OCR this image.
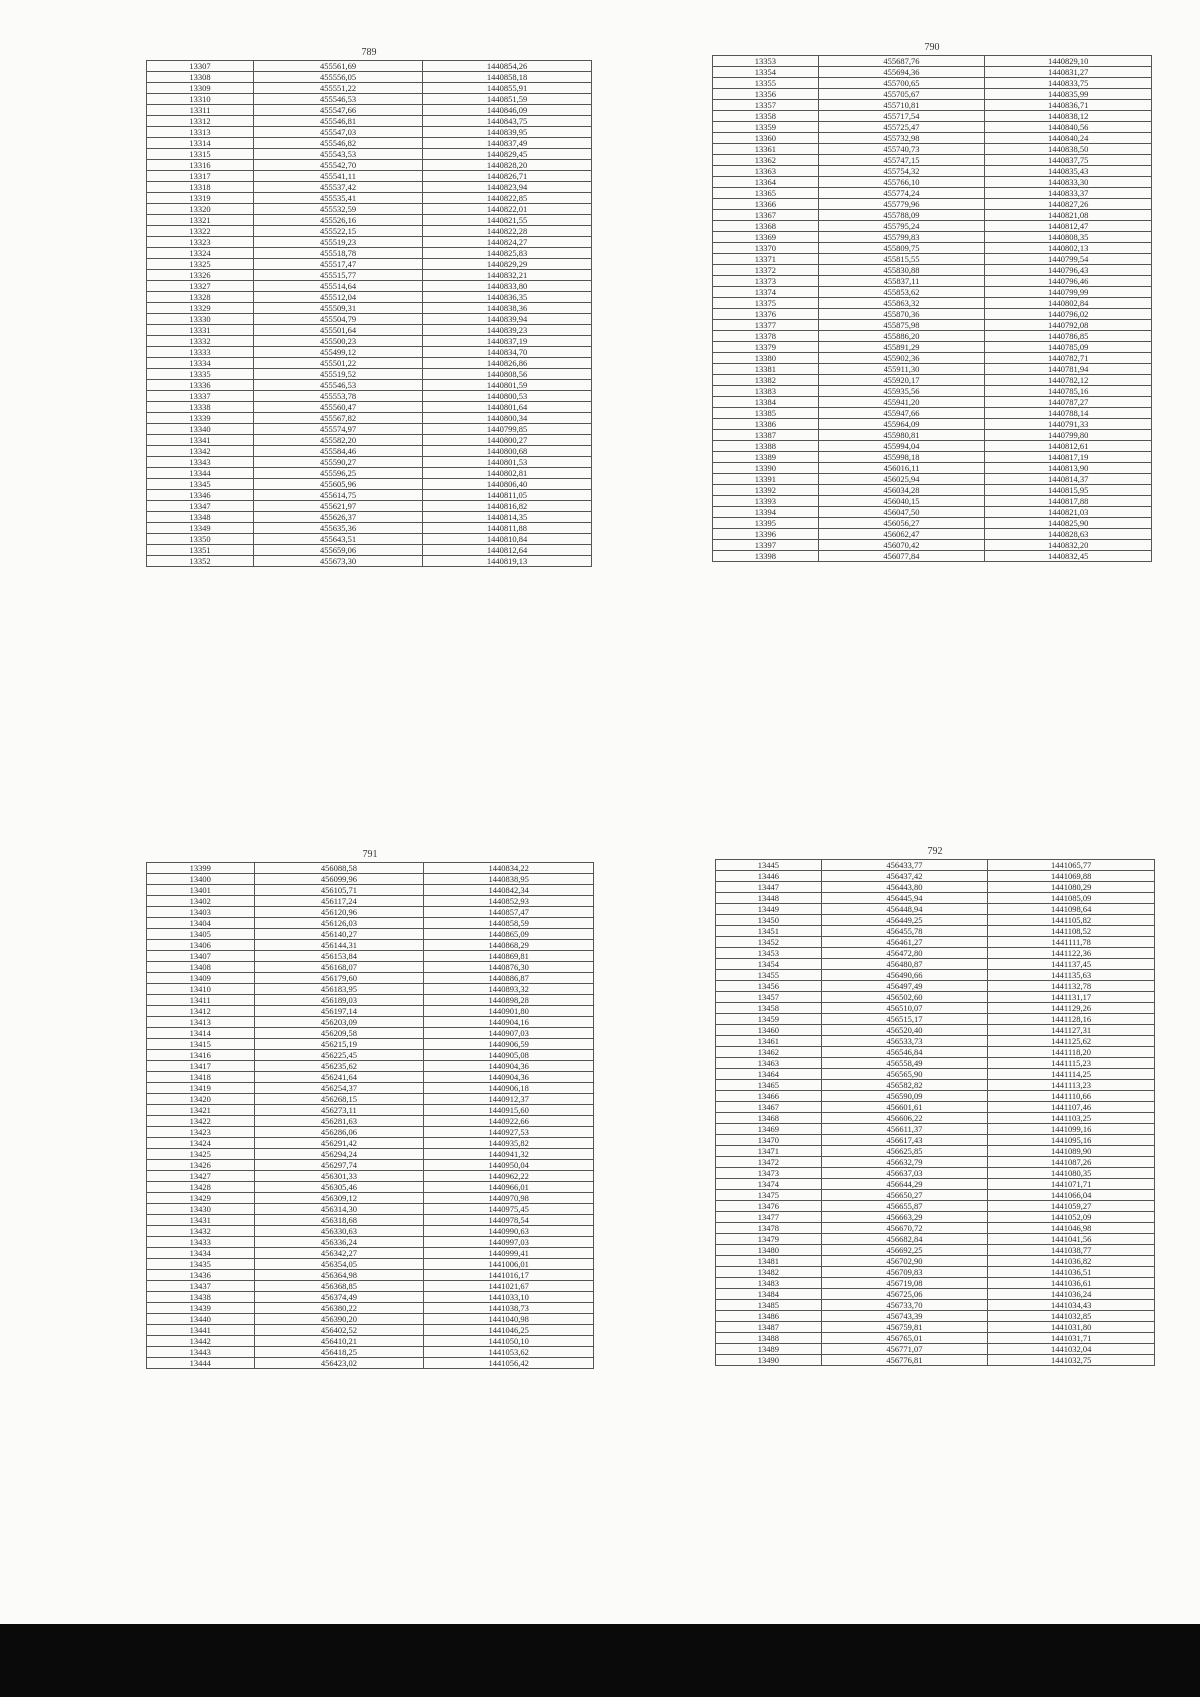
789
13307	455561,69	1440854,26
13308	455556,05	1440858,18
13309	455551,22	1440855,91
13310	455546,53	1440851,59
13311	455547,66	1440846,09
13312	455546,81	1440843,75
13313	455547,03	1440839,95
13314	455546,82	1440837,49
13315	455543,53	1440829,45
13316	455542,70	1440828,20
13317	455541,11	1440826,71
13318	455537,42	1440823,94
13319	455535,41	1440822,85
13320	455532,59	1440822,01
13321	455526,16	1440821,55
13322	455522,15	1440822,28
13323	455519,23	1440824,27
13324	455518,78	1440825,83
13325	455517,47	1440829,29
13326	455515,77	1440832,21
13327	455514,64	1440833,80
13328	455512,04	1440836,35
13329	455509,31	1440838,36
13330	455504,79	1440839,94
13331	455501,64	1440839,23
13332	455500,23	1440837,19
13333	455499,12	1440834,70
13334	455501,22	1440826,86
13335	455519,52	1440808,56
13336	455546,53	1440801,59
13337	455553,78	1440800,53
13338	455560,47	1440801,64
13339	455567,82	1440800,34
13340	455574,97	1440799,85
13341	455582,20	1440800,27
13342	455584,46	1440800,68
13343	455590,27	1440801,53
13344	455596,25	1440802,81
13345	455605,96	1440806,40
13346	455614,75	1440811,05
13347	455621,97	1440816,82
13348	455626,37	1440814,35
13349	455635,36	1440811,88
13350	455643,51	1440810,84
13351	455659,06	1440812,64
13352	455673,30	1440819,13
790
13353	455687,76	1440829,10
13354	455694,36	1440831,27
13355	455700,65	1440833,75
13356	455705,67	1440835,99
13357	455710,81	1440836,71
13358	455717,54	1440838,12
13359	455725,47	1440840,56
13360	455732,98	1440840,24
13361	455740,73	1440838,50
13362	455747,15	1440837,75
13363	455754,32	1440835,43
13364	455766,10	1440833,30
13365	455774,24	1440833,37
13366	455779,96	1440827,26
13367	455788,09	1440821,08
13368	455795,24	1440812,47
13369	455799,83	1440808,35
13370	455809,75	1440802,13
13371	455815,55	1440799,54
13372	455830,88	1440796,43
13373	455837,11	1440796,46
13374	455853,62	1440799,99
13375	455863,32	1440802,84
13376	455870,36	1440796,02
13377	455875,98	1440792,08
13378	455886,20	1440786,85
13379	455891,29	1440785,09
13380	455902,36	1440782,71
13381	455911,30	1440781,94
13382	455920,17	1440782,12
13383	455935,56	1440785,16
13384	455941,20	1440787,27
13385	455947,66	1440788,14
13386	455964,09	1440791,33
13387	455980,81	1440799,80
13388	455994,04	1440812,61
13389	455998,18	1440817,19
13390	456016,11	1440813,90
13391	456025,94	1440814,37
13392	456034,28	1440815,95
13393	456040,15	1440817,88
13394	456047,50	1440821,03
13395	456056,27	1440825,90
13396	456062,47	1440828,63
13397	456070,42	1440832,20
13398	456077,84	1440832,45
791
13399	456088,58	1440834,22
13400	456099,96	1440838,95
13401	456105,71	1440842,34
13402	456117,24	1440852,93
13403	456120,96	1440857,47
13404	456126,03	1440858,59
13405	456140,27	1440865,09
13406	456144,31	1440868,29
13407	456153,84	1440869,81
13408	456168,07	1440876,30
13409	456179,60	1440886,87
13410	456183,95	1440893,32
13411	456189,03	1440898,28
13412	456197,14	1440901,80
13413	456203,09	1440904,16
13414	456209,58	1440907,03
13415	456215,19	1440906,59
13416	456225,45	1440905,08
13417	456235,62	1440904,36
13418	456241,64	1440904,36
13419	456254,37	1440906,18
13420	456268,15	1440912,37
13421	456273,11	1440915,60
13422	456281,63	1440922,66
13423	456286,06	1440927,53
13424	456291,42	1440935,82
13425	456294,24	1440941,32
13426	456297,74	1440950,04
13427	456301,33	1440962,22
13428	456305,46	1440966,01
13429	456309,12	1440970,98
13430	456314,30	1440975,45
13431	456318,68	1440978,54
13432	456330,63	1440990,63
13433	456336,24	1440997,03
13434	456342,27	1440999,41
13435	456354,05	1441006,01
13436	456364,98	1441016,17
13437	456368,85	1441021,67
13438	456374,49	1441033,10
13439	456380,22	1441038,73
13440	456390,20	1441040,98
13441	456402,52	1441046,25
13442	456410,21	1441050,10
13443	456418,25	1441053,62
13444	456423,02	1441056,42
792
13445	456433,77	1441065,77
13446	456437,42	1441069,88
13447	456443,80	1441080,29
13448	456445,94	1441085,09
13449	456448,94	1441098,64
13450	456449,25	1441105,82
13451	456455,78	1441108,52
13452	456461,27	1441111,78
13453	456472,80	1441122,36
13454	456480,87	1441137,45
13455	456490,66	1441135,63
13456	456497,49	1441132,78
13457	456502,60	1441131,17
13458	456510,07	1441129,26
13459	456515,17	1441128,16
13460	456520,40	1441127,31
13461	456533,73	1441125,62
13462	456546,84	1441118,20
13463	456558,49	1441115,23
13464	456565,90	1441114,25
13465	456582,82	1441113,23
13466	456590,09	1441110,66
13467	456601,61	1441107,46
13468	456606,22	1441103,25
13469	456611,37	1441099,16
13470	456617,43	1441095,16
13471	456625,85	1441089,90
13472	456632,79	1441087,26
13473	456637,03	1441080,35
13474	456644,29	1441071,71
13475	456650,27	1441066,04
13476	456655,87	1441059,27
13477	456663,29	1441052,09
13478	456670,72	1441046,98
13479	456682,84	1441041,56
13480	456692,25	1441038,77
13481	456702,90	1441036,82
13482	456709,83	1441036,51
13483	456719,08	1441036,61
13484	456725,06	1441036,24
13485	456733,70	1441034,43
13486	456743,39	1441032,85
13487	456759,81	1441031,80
13488	456765,01	1441031,71
13489	456771,07	1441032,04
13490	456776,81	1441032,75
